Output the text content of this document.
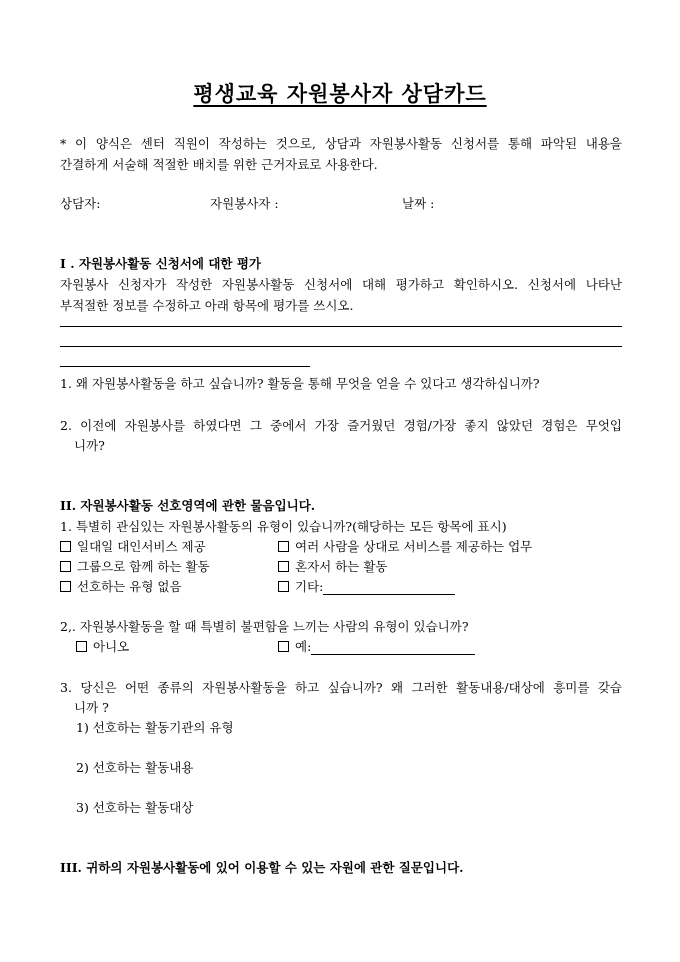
평생교육 자원봉사자 상담카드
* 이 양식은 센터 직원이 작성하는 것으로, 상담과 자원봉사활동 신청서를 통해 파악된 내용을
간결하게 서술해 적절한 배치를 위한 근거자료로 사용한다.
상담자:	자원봉사자 :	날짜 :
I . 자원봉사활동 신청서에 대한 평가
자원봉사 신청자가 작성한 자원봉사활동 신청서에 대해 평가하고 확인하시오. 신청서에 나타난
부적절한 정보를 수정하고 아래 항목에 평가를 쓰시오.
1. 왜 자원봉사활동을 하고 싶습니까? 활동을 통해 무엇을 얻을 수 있다고 생각하십니까?
2. 이전에 자원봉사를 하였다면 그 중에서 가장 즐거웠던 경험/가장 좋지 않았던 경험은 무엇입
니까?
II. 자원봉사활동 선호영역에 관한 물음입니다.
1. 특별히 관심있는 자원봉사활동의 유형이 있습니까?(해당하는 모든 항목에 표시)
일대일 대인서비스 제공	여러 사람을 상대로 서비스를 제공하는 업무
그룹으로 함께 하는 활동	혼자서 하는 활동
선호하는 유형 없음	기타:
2,. 자원봉사활동을 할 때 특별히 불편함을 느끼는 사람의 유형이 있습니까?
아니오	예:
3. 당신은 어떤 종류의 자원봉사활동을 하고 싶습니까? 왜 그러한 활동내용/대상에 흥미를 갖습
니까 ?
1) 선호하는 활동기관의 유형
2) 선호하는 활동내용
3) 선호하는 활동대상
III. 귀하의 자원봉사활동에 있어 이용할 수 있는 자원에 관한 질문입니다.
